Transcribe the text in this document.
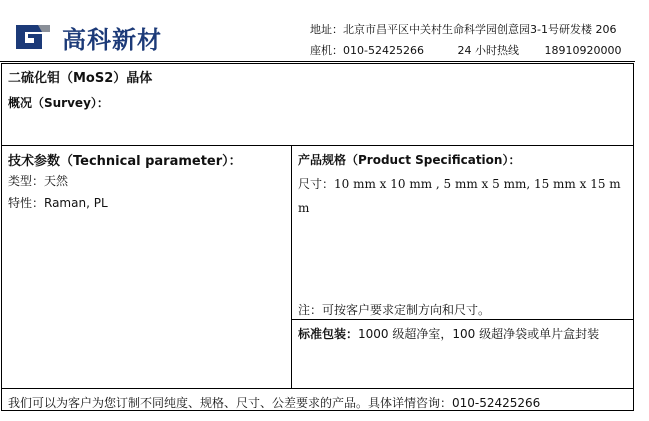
高科新材	地址：北京市昌平区中关村生命科学园创意园3-1号研发楼 206
座机：010-52425266	24 小时热线 18910920000
二硫化钼（MoS2）晶体
概况（Survey）：
技术参数（Technical parameter）：
类型：天然
特性：Raman, PL
产品规格（Product Specification）：
尺寸：10 mm x 10 mm , 5 mm x 5 mm, 15 mm x 15 mm
注：可按客户要求定制方向和尺寸。
标准包装：1000 级超净室，100 级超净袋或单片盒封装
我们可以为客户为您订制不同纯度、规格、尺寸、公差要求的产品。具体详情咨询：010-52425266
